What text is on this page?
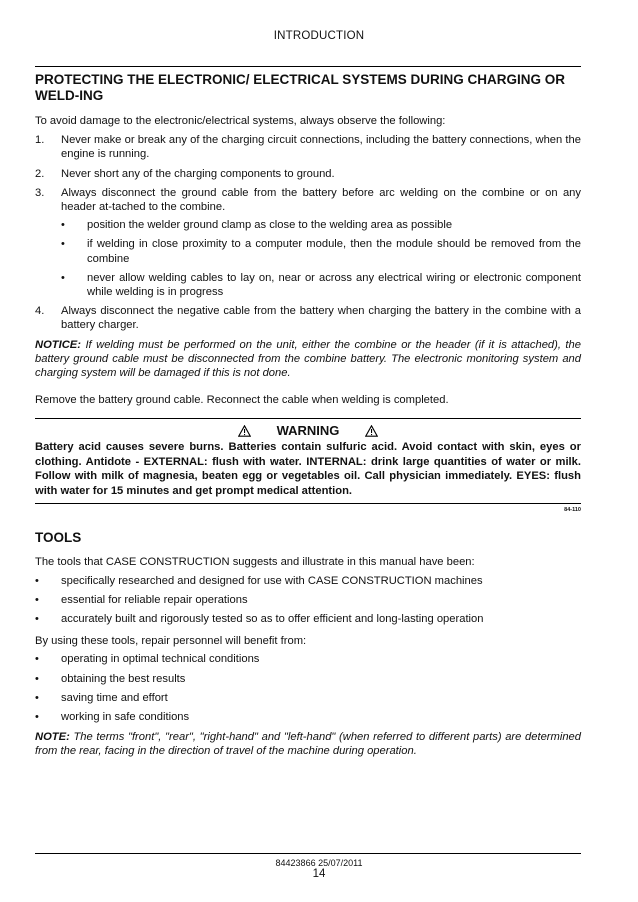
INTRODUCTION
PROTECTING THE ELECTRONIC/ ELECTRICAL SYSTEMS DURING CHARGING OR WELD-ING

To avoid damage to the electronic/electrical systems, always observe the following:

1. Never make or break any of the charging circuit connections, including the battery connections, when the engine is running.
2. Never short any of the charging components to ground.
3. Always disconnect the ground cable from the battery before arc welding on the combine or on any header at-tached to the combine.
• position the welder ground clamp as close to the welding area as possible
• if welding in close proximity to a computer module, then the module should be removed from the combine
• never allow welding cables to lay on, near or across any electrical wiring or electronic component while welding is in progress
4. Always disconnect the negative cable from the battery when charging the battery in the combine with a battery charger.

NOTICE: If welding must be performed on the unit, either the combine or the header (if it is attached), the battery ground cable must be disconnected from the combine battery. The electronic monitoring system and charging system will be damaged if this is not done.

Remove the battery ground cable. Reconnect the cable when welding is completed.

WARNING
Battery acid causes severe burns. Batteries contain sulfuric acid. Avoid contact with skin, eyes or clothing. Antidote - EXTERNAL: flush with water. INTERNAL: drink large quantities of water or milk. Follow with milk of magnesia, beaten egg or vegetables oil. Call physician immediately. EYES: flush with water for 15 minutes and get prompt medical attention.
84-110
TOOLS

The tools that CASE CONSTRUCTION suggests and illustrate in this manual have been:

• specifically researched and designed for use with CASE CONSTRUCTION machines
• essential for reliable repair operations
• accurately built and rigorously tested so as to offer efficient and long-lasting operation

By using these tools, repair personnel will benefit from:

• operating in optimal technical conditions
• obtaining the best results
• saving time and effort
• working in safe conditions

NOTE: The terms "front", "rear", "right-hand" and "left-hand" (when referred to different parts) are determined from the rear, facing in the direction of travel of the machine during operation.

84423866 25/07/2011
14
